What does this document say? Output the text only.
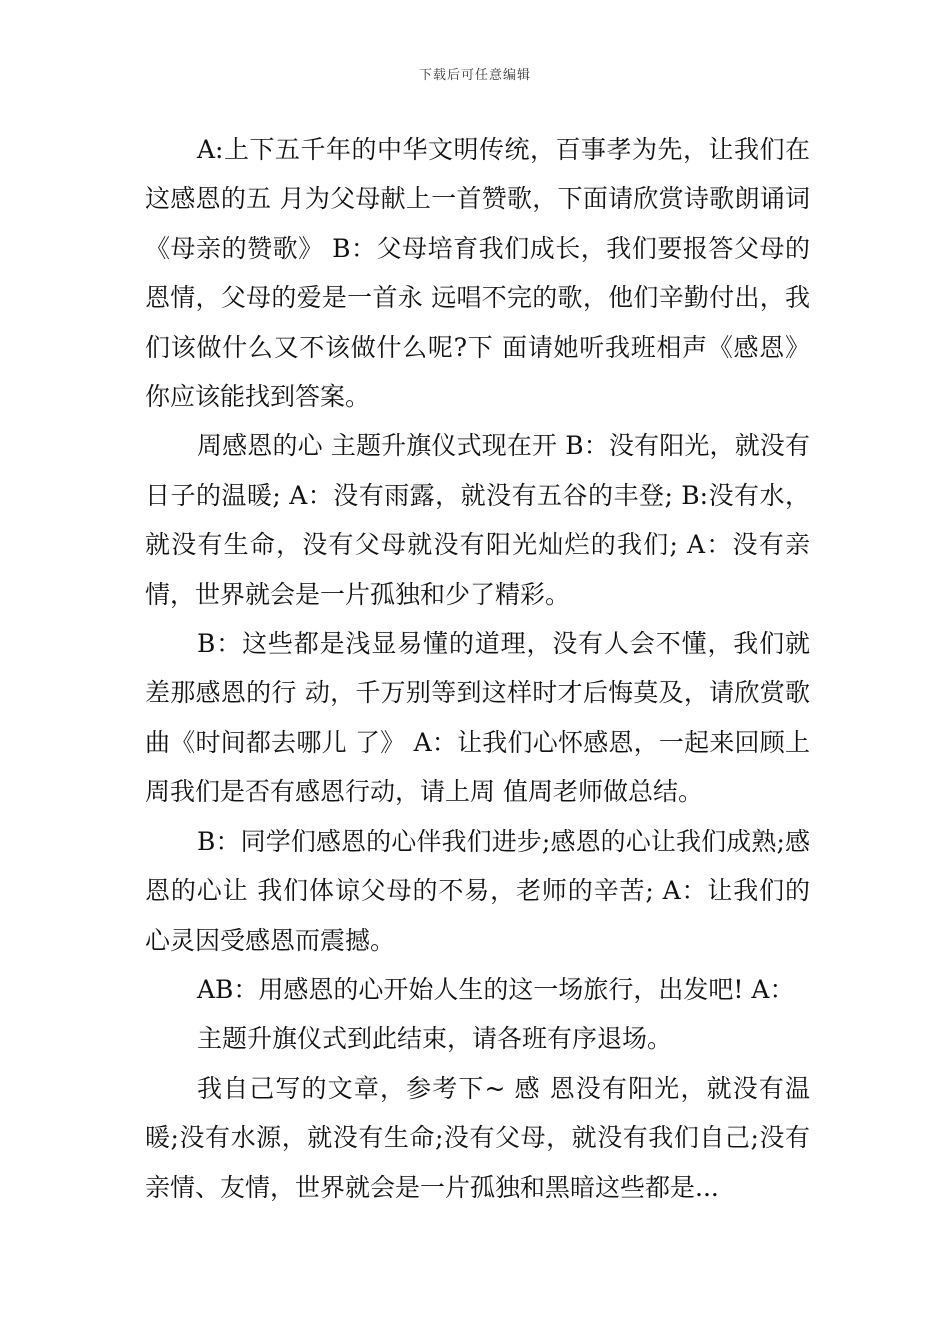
下载后可任意编辑

A:上下五千年的中华文明传统，百事孝为先，让我们在这感恩的五 月为父母献上一首赞歌，下面请欣赏诗歌朗诵词《母亲的赞歌》 B：父母培育我们成长，我们要报答父母的恩情，父母的爱是一首永 远唱不完的歌，他们辛勤付出，我们该做什么又不该做什么呢?下 面请她听我班相声《感恩》你应该能找到答案。

周感恩的心 主题升旗仪式现在开 B：没有阳光，就没有日子的温暖; A：没有雨露，就没有五谷的丰登; B:没有水，就没有生命，没有父母就没有阳光灿烂的我们; A：没有亲情，世界就会是一片孤独和少了精彩。

B：这些都是浅显易懂的道理，没有人会不懂，我们就差那感恩的行 动，千万别等到这样时才后悔莫及，请欣赏歌曲《时间都去哪儿 了》 A：让我们心怀感恩，一起来回顾上周我们是否有感恩行动，请上周 值周老师做总结。

B：同学们感恩的心伴我们进步;感恩的心让我们成熟;感恩的心让 我们体谅父母的不易，老师的辛苦; A：让我们的心灵因受感恩而震撼。

AB：用感恩的心开始人生的这一场旅行，出发吧! A：

主题升旗仪式到此结束，请各班有序退场。

我自己写的文章，参考下~ 感 恩没有阳光，就没有温暖;没有水源，就没有生命;没有父母，就没有我们自己;没有亲情、友情，世界就会是一片孤独和黑暗这些都是...
